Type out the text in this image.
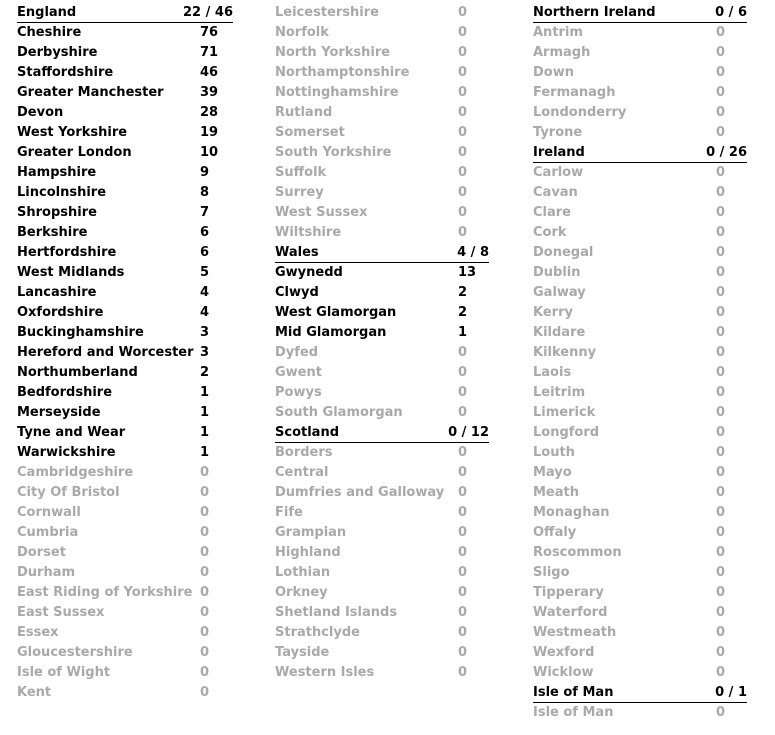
England	22 / 46
Cheshire	76
Derbyshire	71
Staffordshire	46
Greater Manchester	39
Devon	28
West Yorkshire	19
Greater London	10
Hampshire	9
Lincolnshire	8
Shropshire	7
Berkshire	6
Hertfordshire	6
West Midlands	5
Lancashire	4
Oxfordshire	4
Buckinghamshire	3
Hereford and Worcester 3
Northumberland	2
Bedfordshire	1
Merseyside	1
Tyne and Wear	1
Warwickshire	1
Cambridgeshire	0
City Of Bristol	0
Cornwall	0
Cumbria	0
Dorset	0
Durham	0
East Riding of Yorkshire 0
East Sussex	0
Essex	0
Gloucestershire	0
Isle of Wight	0
Kent	0
Leicestershire	0
Norfolk	0
North Yorkshire	0
Northamptonshire	0
Nottinghamshire	0
Rutland	0
Somerset	0
South Yorkshire	0
Suffolk	0
Surrey	0
West Sussex	0
Wiltshire	0
Wales	4 / 8
Gwynedd	13
Clwyd	2
West Glamorgan	2
Mid Glamorgan	1
Dyfed	0
Gwent	0
Powys	0
South Glamorgan	0
Scotland	0 / 12
Borders	0
Central	0
Dumfries and Galloway 0
Fife	0
Grampian	0
Highland	0
Lothian	0
Orkney	0
Shetland Islands	0
Strathclyde	0
Tayside	0
Western Isles	0
Northern Ireland	0 / 6
Antrim	0
Armagh	0
Down	0
Fermanagh	0
Londonderry	0
Tyrone	0
Ireland	0 / 26
Carlow	0
Cavan	0
Clare	0
Cork	0
Donegal	0
Dublin	0
Galway	0
Kerry	0
Kildare	0
Kilkenny	0
Laois	0
Leitrim	0
Limerick	0
Longford	0
Louth	0
Mayo	0
Meath	0
Monaghan	0
Offaly	0
Roscommon	0
Sligo	0
Tipperary	0
Waterford	0
Westmeath	0
Wexford	0
Wicklow	0
Isle of Man	0 / 1
Isle of Man	0
